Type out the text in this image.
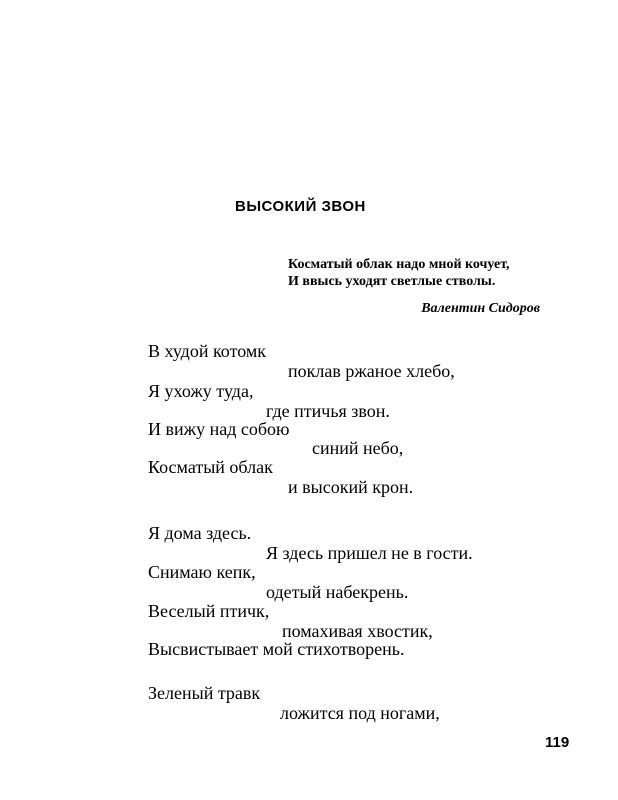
ВЫСОКИЙ ЗВОН
Косматый облак надо мной кочует,
И ввысь уходят светлые стволы.
Валентин Сидоров
В худой котомк
поклав ржаное хлебо,
Я ухожу туда,
где птичья звон.
И вижу над собою
синий небо,
Косматый облак
и высокий крон.
Я дома здесь.
Я здесь пришел не в гости.
Снимаю кепк,
одетый набекрень.
Веселый птичк,
помахивая хвостик,
Высвистывает мой стихотворень.
Зеленый травк
ложится под ногами,
119
